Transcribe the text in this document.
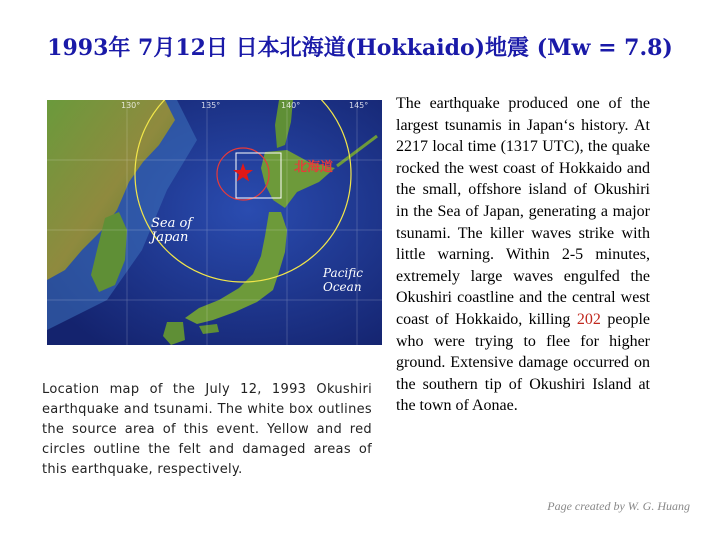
1993年 7月12日 日本北海道(Hokkaido)地震 (Mw = 7.8)
北海道
Sea of
Japan
Pacific
Ocean
130°	135°	140°	145°
Location map of the July 12, 1993 Okushiri earthquake and tsunami. The white box outlines the source area of this event. Yellow and red circles outline the felt and damaged areas of this earthquake, respectively.
The earthquake produced one of the largest tsunamis in Japan‘s history. At 2217 local time (1317 UTC), the quake rocked the west coast of Hokkaido and the small, offshore island of Okushiri in the Sea of Japan, generating a major tsunami. The killer waves strike with little warning. Within 2-5 minutes, extremely large waves engulfed the Okushiri coastline and the central west coast of Hokkaido, killing 202 people who were trying to flee for higher ground. Extensive damage occurred on the southern tip of Okushiri Island at the town of Aonae.
Page created by W. G. Huang
